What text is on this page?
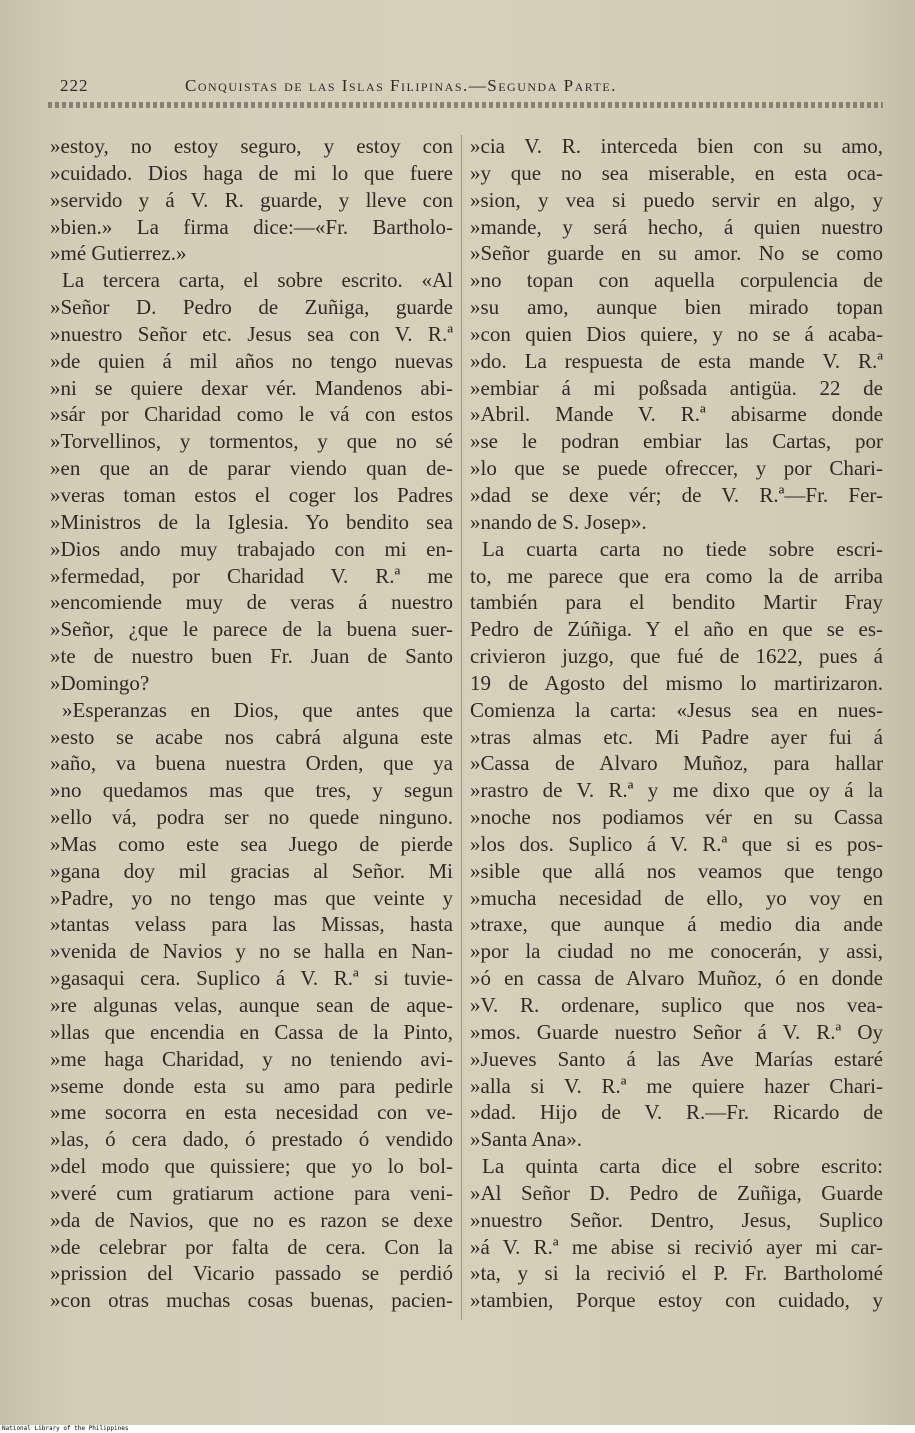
222	Conquistas de las Islas Filipinas.—Segunda Parte.
»estoy, no estoy seguro, y estoy con
»cuidado. Dios haga de mi lo que fuere
»servido y á V. R. guarde, y lleve con
»bien.» La firma dice:—«Fr. Bartholo-
»mé Gutierrez.»
La tercera carta, el sobre escrito. «Al
»Señor D. Pedro de Zuñiga, guarde
»nuestro Señor etc. Jesus sea con V. R.ª
»de quien á mil años no tengo nuevas
»ni se quiere dexar vér. Mandenos abi-
»sár por Charidad como le vá con estos
»Torvellinos, y tormentos, y que no sé
»en que an de parar viendo quan de-
»veras toman estos el coger los Padres
»Ministros de la Iglesia. Yo bendito sea
»Dios ando muy trabajado con mi en-
»fermedad, por Charidad V. R.ª me
»encomiende muy de veras á nuestro
»Señor, ¿que le parece de la buena suer-
»te de nuestro buen Fr. Juan de Santo
»Domingo?
»Esperanzas en Dios, que antes que
»esto se acabe nos cabrá alguna este
»año, va buena nuestra Orden, que ya
»no quedamos mas que tres, y segun
»ello vá, podra ser no quede ninguno.
»Mas como este sea Juego de pierde
»gana doy mil gracias al Señor. Mi
»Padre, yo no tengo mas que veinte y
»tantas velass para las Missas, hasta
»venida de Navios y no se halla en Nan-
»gasaqui cera. Suplico á V. R.ª si tuvie-
»re algunas velas, aunque sean de aque-
»llas que encendia en Cassa de la Pinto,
»me haga Charidad, y no teniendo avi-
»seme donde esta su amo para pedirle
»me socorra en esta necesidad con ve-
»las, ó cera dado, ó prestado ó vendido
»del modo que quissiere; que yo lo bol-
»veré cum gratiarum actione para veni-
»da de Navios, que no es razon se dexe
»de celebrar por falta de cera. Con la
»prission del Vicario passado se perdió
»con otras muchas cosas buenas, pacien-
»cia V. R. interceda bien con su amo,
»y que no sea miserable, en esta oca-
»sion, y vea si puedo servir en algo, y
»mande, y será hecho, á quien nuestro
»Señor guarde en su amor. No se como
»no topan con aquella corpulencia de
»su amo, aunque bien mirado topan
»con quien Dios quiere, y no se á acaba-
»do. La respuesta de esta mande V. R.ª
»embiar á mi poßsada antigüa. 22 de
»Abril. Mande V. R.ª abisarme donde
»se le podran embiar las Cartas, por
»lo que se puede ofreccer, y por Chari-
»dad se dexe vér; de V. R.ª—Fr. Fer-
»nando de S. Josep».
La cuarta carta no tiede sobre escri-
to, me parece que era como la de arriba
también para el bendito Martir Fray
Pedro de Zúñiga. Y el año en que se es-
crivieron juzgo, que fué de 1622, pues á
19 de Agosto del mismo lo martirizaron.
Comienza la carta: «Jesus sea en nues-
»tras almas etc. Mi Padre ayer fui á
»Cassa de Alvaro Muñoz, para hallar
»rastro de V. R.ª y me dixo que oy á la
»noche nos podiamos vér en su Cassa
»los dos. Suplico á V. R.ª que si es pos-
»sible que allá nos veamos que tengo
»mucha necesidad de ello, yo voy en
»traxe, que aunque á medio dia ande
»por la ciudad no me conocerán, y assi,
»ó en cassa de Alvaro Muñoz, ó en donde
»V. R. ordenare, suplico que nos vea-
»mos. Guarde nuestro Señor á V. R.ª Oy
»Jueves Santo á las Ave Marías estaré
»alla si V. R.ª me quiere hazer Chari-
»dad. Hijo de V. R.—Fr. Ricardo de
»Santa Ana».
La quinta carta dice el sobre escrito:
»Al Señor D. Pedro de Zuñiga, Guarde
»nuestro Señor. Dentro, Jesus, Suplico
»á V. R.ª me abise si recivió ayer mi car-
»ta, y si la recivió el P. Fr. Bartholomé
»tambien, Porque estoy con cuidado, y
National Library of the Philippines
